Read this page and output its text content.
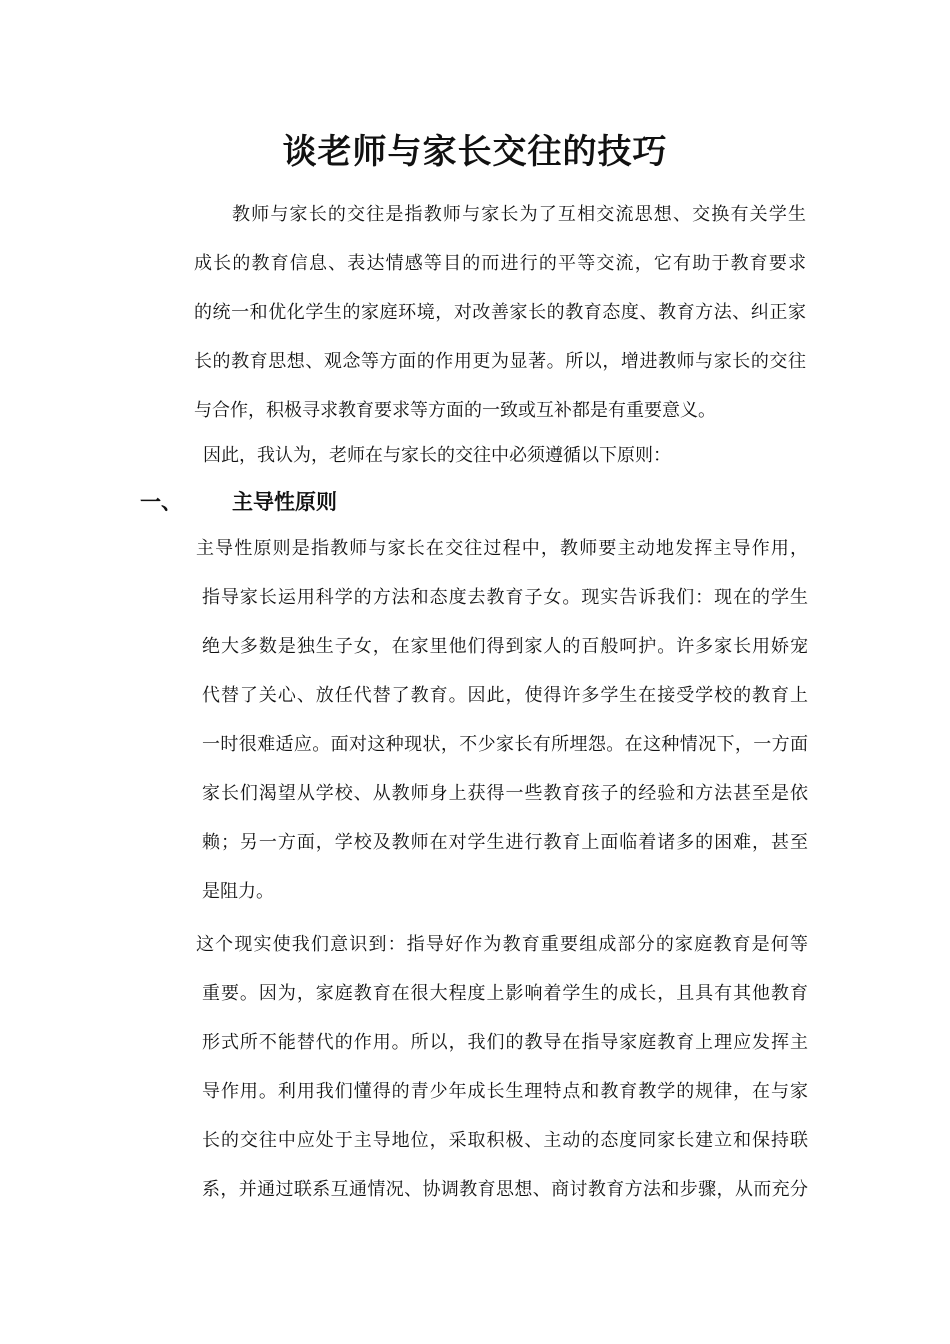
谈老师与家长交往的技巧

教师与家长的交往是指教师与家长为了互相交流思想、交换有关学生
成长的教育信息、表达情感等目的而进行的平等交流，它有助于教育要求
的统一和优化学生的家庭环境，对改善家长的教育态度、教育方法、纠正家
长的教育思想、观念等方面的作用更为显著。所以，增进教师与家长的交往
与合作，积极寻求教育要求等方面的一致或互补都是有重要意义。

因此，我认为，老师在与家长的交往中必须遵循以下原则：

一、 主导性原则

主导性原则是指教师与家长在交往过程中，教师要主动地发挥主导作用，
指导家长运用科学的方法和态度去教育子女。现实告诉我们：现在的学生
绝大多数是独生子女，在家里他们得到家人的百般呵护。许多家长用娇宠
代替了关心、放任代替了教育。因此，使得许多学生在接受学校的教育上
一时很难适应。面对这种现状，不少家长有所埋怨。在这种情况下，一方面
家长们渴望从学校、从教师身上获得一些教育孩子的经验和方法甚至是依
赖；另一方面，学校及教师在对学生进行教育上面临着诸多的困难，甚至
是阻力。

这个现实使我们意识到：指导好作为教育重要组成部分的家庭教育是何等
重要。因为，家庭教育在很大程度上影响着学生的成长，且具有其他教育
形式所不能替代的作用。所以，我们的教导在指导家庭教育上理应发挥主
导作用。利用我们懂得的青少年成长生理特点和教育教学的规律，在与家
长的交往中应处于主导地位，采取积极、主动的态度同家长建立和保持联
系，并通过联系互通情况、协调教育思想、商讨教育方法和步骤，从而充分
